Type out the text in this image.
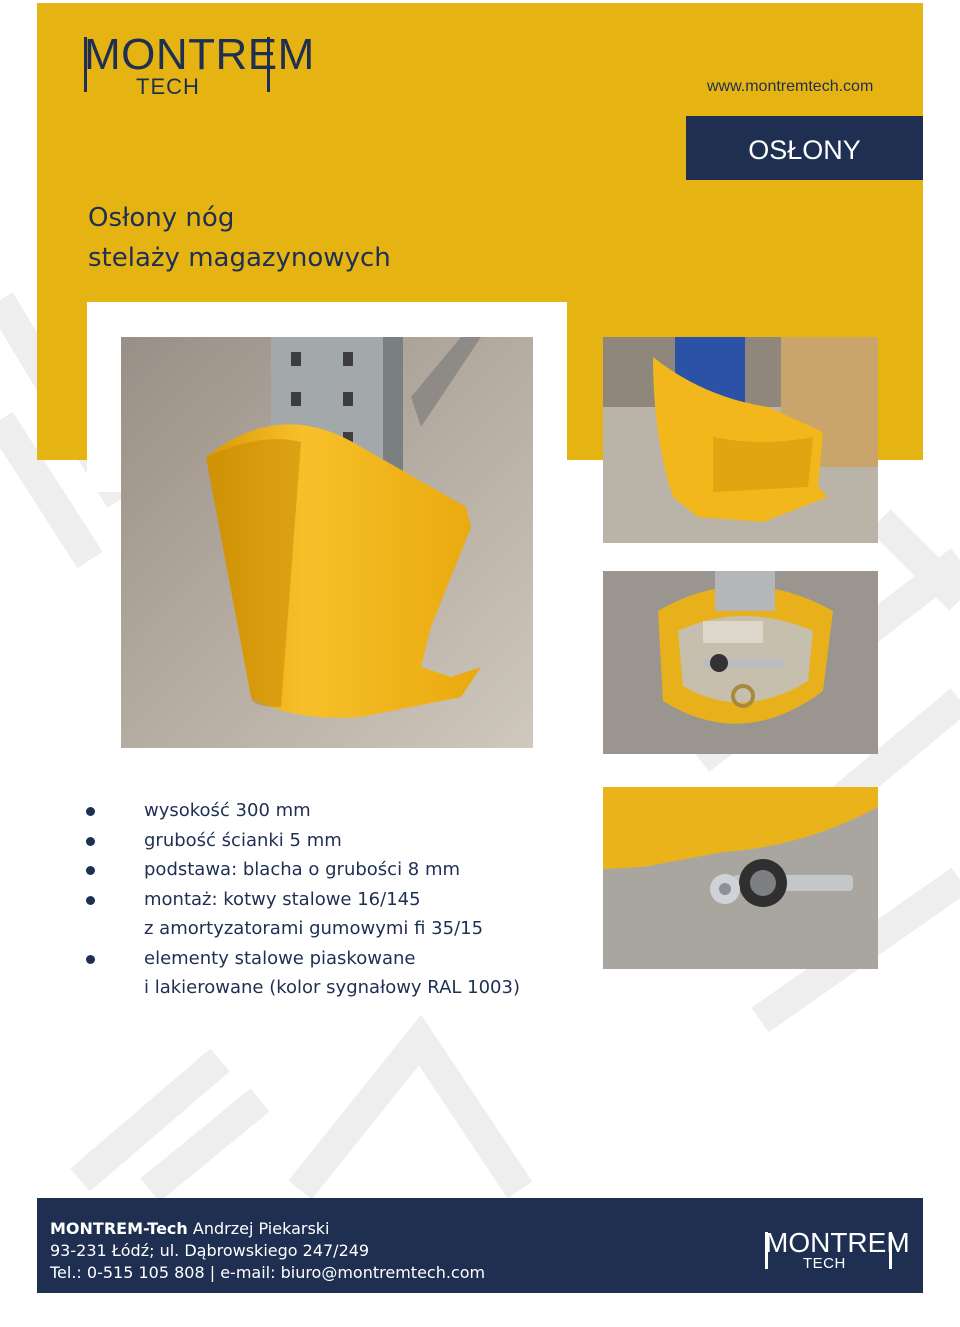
MONTREM
TECH	www.montremtech.com
OSŁONY
Osłony nóg
stelaży magazynowych
wysokość 300 mm
grubość ścianki 5 mm
podstawa: blacha o grubości 8 mm
montaż: kotwy stalowe 16/145
z amortyzatorami gumowymi fi 35/15
elementy stalowe piaskowane
i lakierowane (kolor sygnałowy RAL 1003)
MONTREM-Tech Andrzej Piekarski
93-231 Łódź; ul. Dąbrowskiego 247/249
Tel.: 0-515 105 808 | e-mail: biuro@montremtech.com
MONTREM
TECH
